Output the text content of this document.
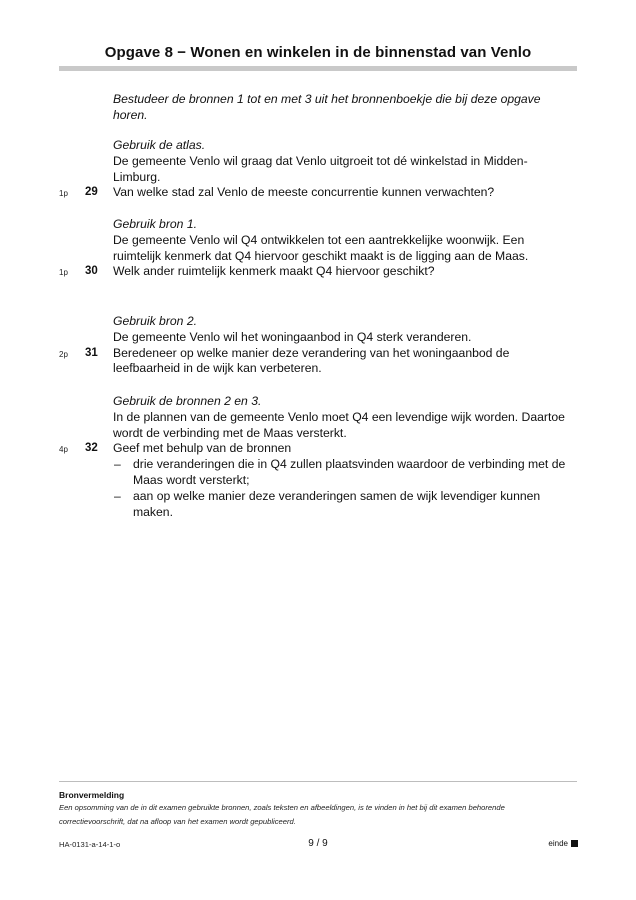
Opgave 8 − Wonen en winkelen in de binnenstad van Venlo
Bestudeer de bronnen 1 tot en met 3 uit het bronnenboekje die bij deze opgave horen.

Gebruik de atlas.

De gemeente Venlo wil graag dat Venlo uitgroeit tot dé winkelstad in Midden-Limburg.

1p 29 Van welke stad zal Venlo de meeste concurrentie kunnen verwachten?

Gebruik bron 1.

De gemeente Venlo wil Q4 ontwikkelen tot een aantrekkelijke woonwijk. Een ruimtelijk kenmerk dat Q4 hiervoor geschikt maakt is de ligging aan de Maas.

1p 30 Welk ander ruimtelijk kenmerk maakt Q4 hiervoor geschikt?

Gebruik bron 2.

De gemeente Venlo wil het woningaanbod in Q4 sterk veranderen.

2p 31 Beredeneer op welke manier deze verandering van het woningaanbod de leefbaarheid in de wijk kan verbeteren.

Gebruik de bronnen 2 en 3.

In de plannen van de gemeente Venlo moet Q4 een levendige wijk worden. Daartoe wordt de verbinding met de Maas versterkt.

4p 32 Geef met behulp van de bronnen

– drie veranderingen die in Q4 zullen plaatsvinden waardoor de verbinding met de Maas wordt versterkt;
– aan op welke manier deze veranderingen samen de wijk levendiger kunnen maken.
Bronvermelding
Een opsomming van de in dit examen gebruikte bronnen, zoals teksten en afbeeldingen, is te vinden in het bij dit examen behorende correctievoorschrift, dat na afloop van het examen wordt gepubliceerd.
HA-0131-a-14-1-o	9 / 9	einde
